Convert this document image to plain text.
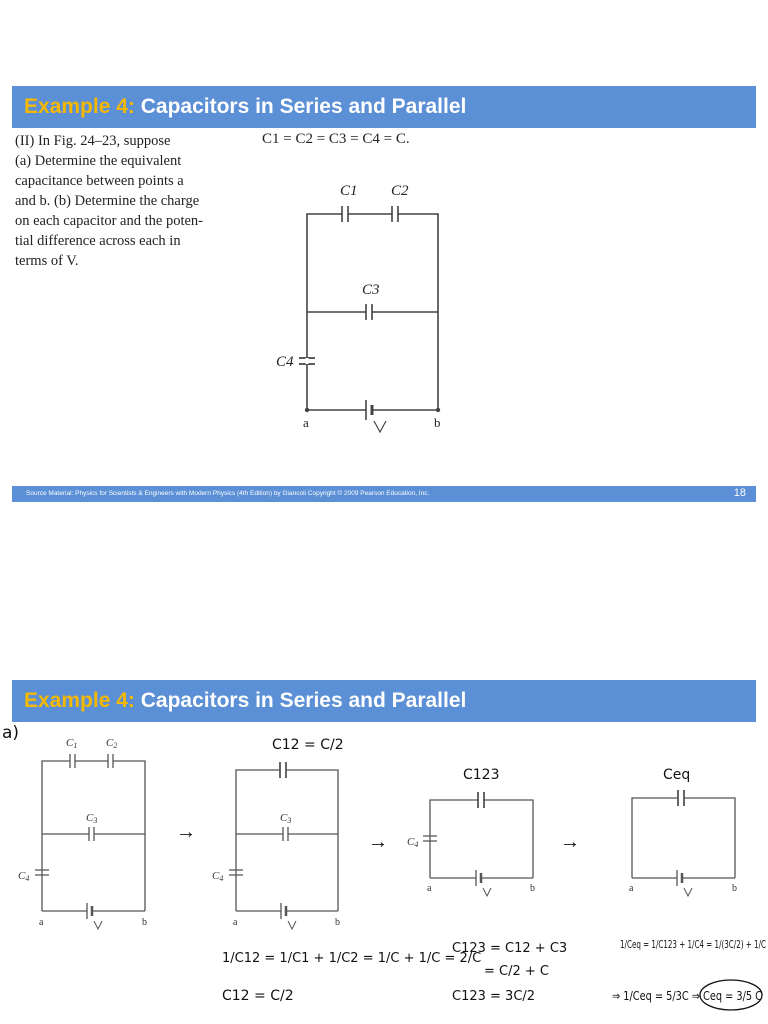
Example 4: Capacitors in Series and Parallel

(II) In Fig. 24–23, suppose

(a) Determine the equivalent

capacitance between points a

and b. (b) Determine the charge

on each capacitor and the poten-

tial difference across each in

terms of V.

C1 = C2 = C3 = C4 = C.
C1 C2
C3
C4
a	b
Source Material: Physics for Scientists & Engineers with Modern Physics (4th Edition) by Giancoli Copyright © 2009 Pearson Education, Inc.	18
Example 4: Capacitors in Series and Parallel
a)	C1	C2
C3
C4
a	b
→
C12 = C/2
C3
C4
a	b
→
C123
C4
a	b
→
Ceq
a	b
1/C12 = 1/C1 + 1/C2 = 1/C + 1/C = 2/C
C12 = C/2
C123 = C12 + C3
= C/2 + C
C123 = 3C/2
1/Ceq = 1/C123 + 1/C4 = 1/(3C/2) + 1/C
⇒ 1/Ceq = 5/3C ⇒ Ceq = 3/5 C
